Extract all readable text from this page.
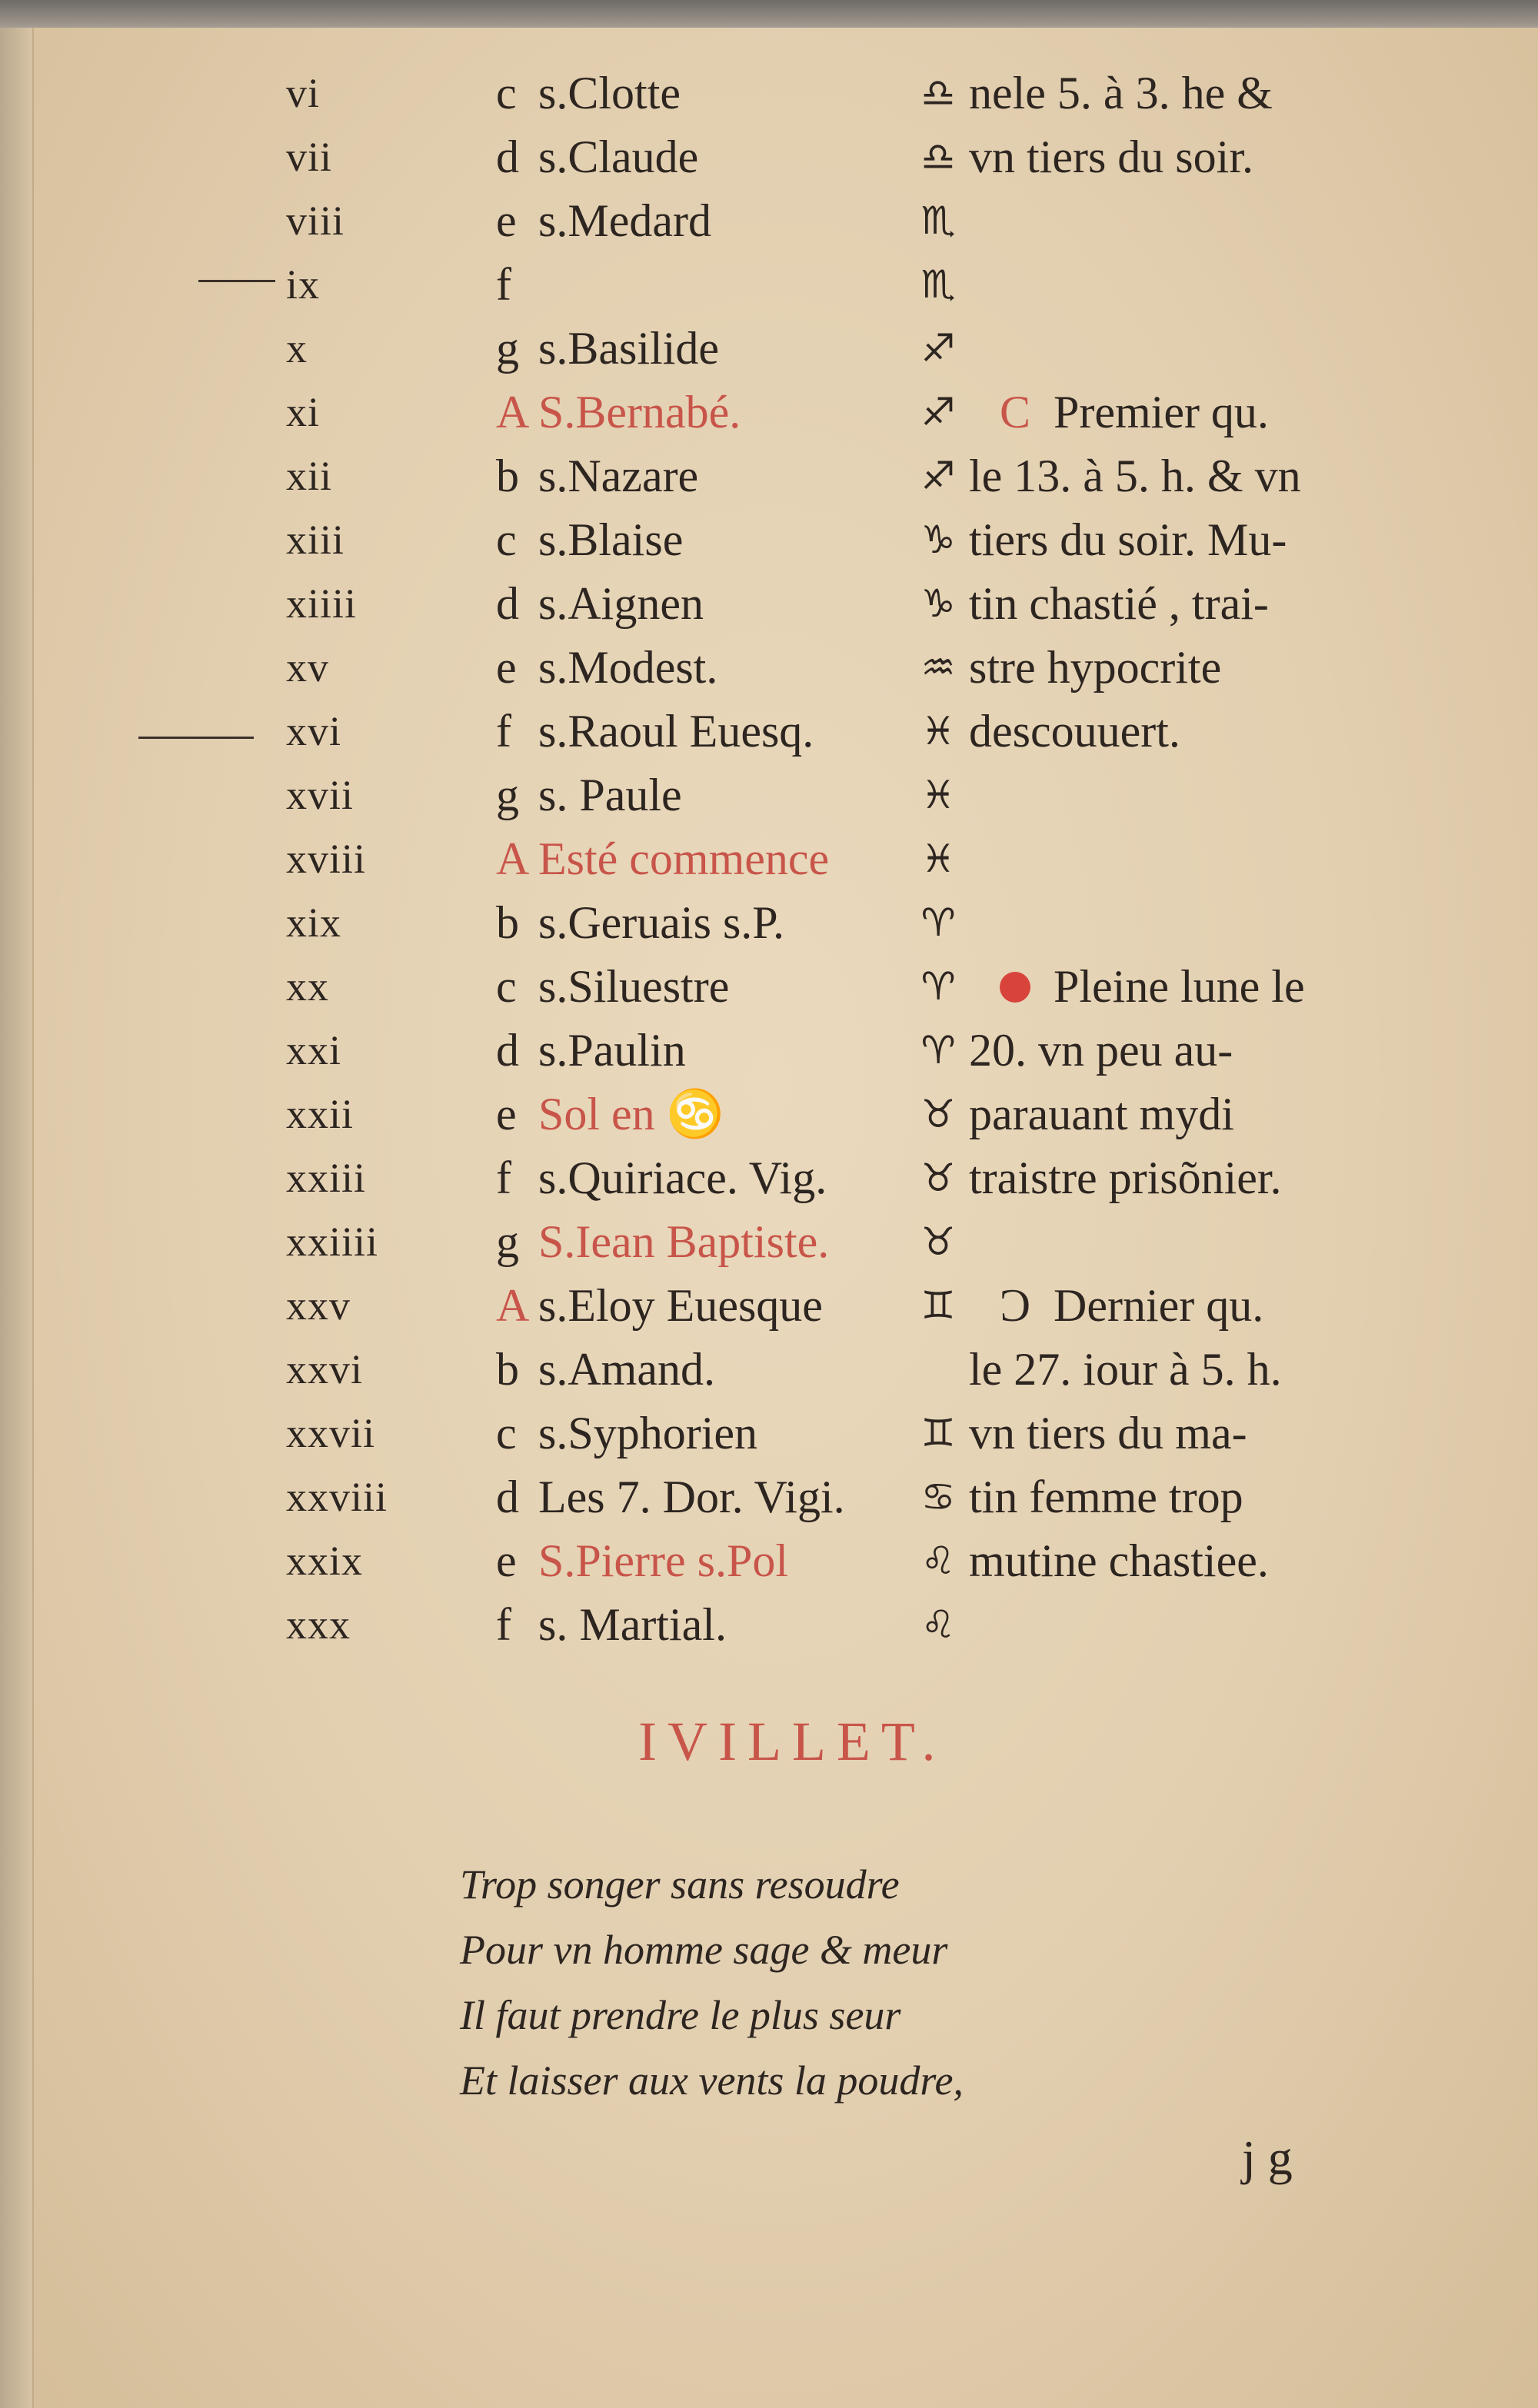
vi	c s.Clotte	♎ nele 5. à 3. he &
vii	d s.Claude	♎ vn tiers du soir.
viii	e s.Medard	♏
ix	f	♏
x	g s.Basilide	♐
xi	A S.Bernabé.	♐ C Premier qu.
xii	b s.Nazare	♐ le 13. à 5. h. & vn
xiii	c s.Blaise	♑ tiers du soir. Mu-
xiiii	d s.Aignen	♑ tin chastié , trai-
xv	e s.Modest.	♒ stre hypocrite
xvi	f s.Raoul Euesq.	♓ descouuert.
xvii	g s. Paule	♓
xviii	A Esté commence ♓
xix	b s.Geruais s.P.	♈
xx	c s.Siluestre	♈ Pleine lune le
xxi	d s.Paulin	♈ 20. vn peu au-
xxii	e Sol en ♋	♉ parauant mydi
xxiii	f s.Quiriace. Vig. ♉ traistre prisõnier.
xxiiii	g S.Iean Baptiste. ♉
xxv	A s.Eloy Euesque	♊ Ɔ Dernier qu.
xxvi	b s.Amand.	le 27. iour à 5. h.
xxvii	c s.Syphorien	♊ vn tiers du ma-
xxviii d Les 7. Dor. Vigi. ♋ tin femme trop
xxix	e S.Pierre s.Pol	♌ mutine chastiee.
xxx	f s. Martial.	♌
IVILLET.
Trop songer sans resoudre
Pour vn homme sage & meur
Il faut prendre le plus seur
Et laisser aux vents la poudre,
j g
